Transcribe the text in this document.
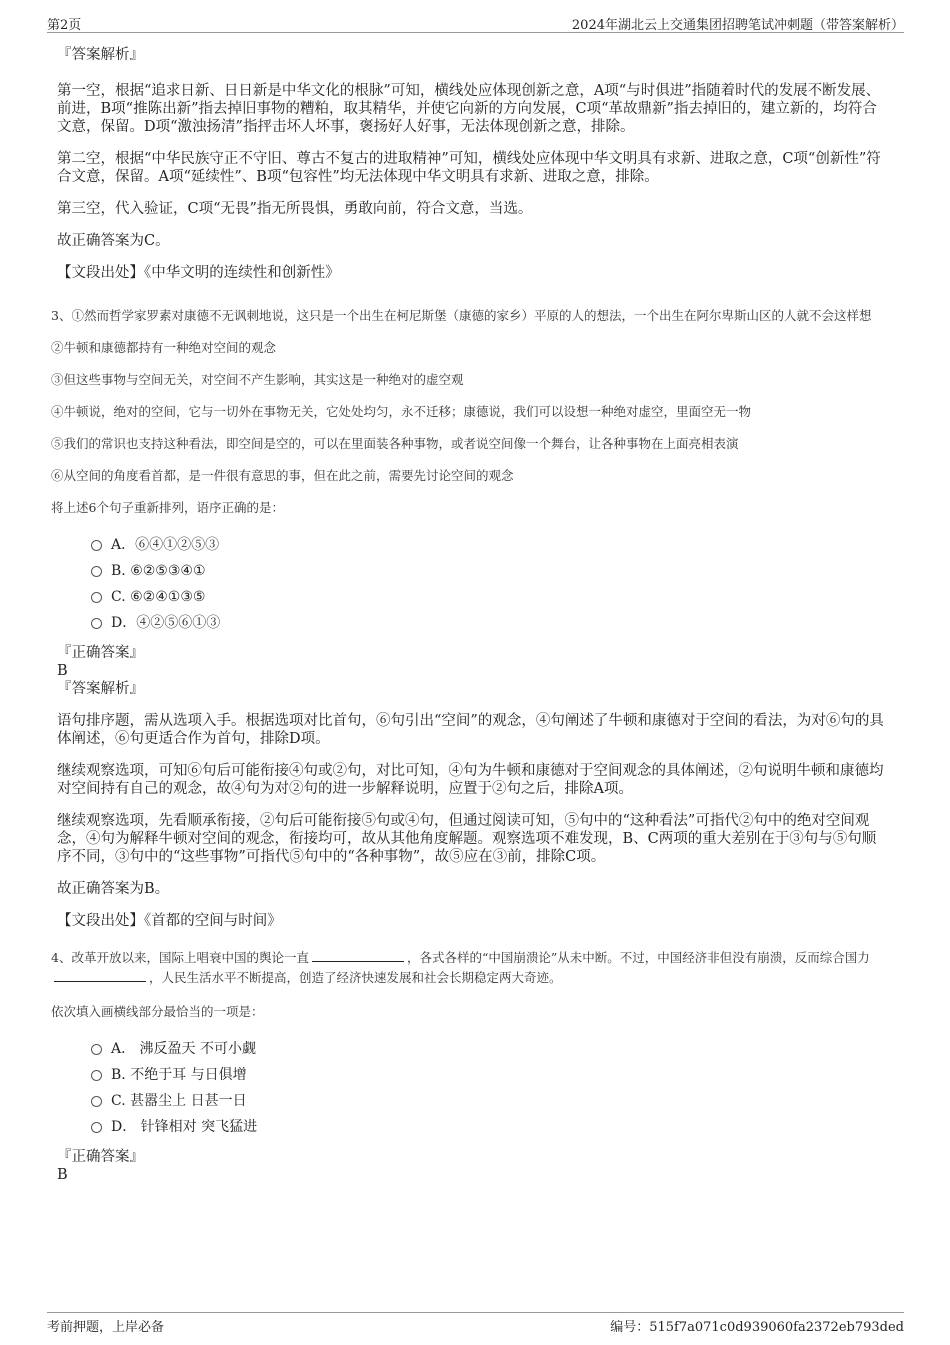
第2页	2024年湖北云上交通集团招聘笔试冲刺题（带答案解析）

『答案解析』

第一空，根据“追求日新、日日新是中华文化的根脉”可知，横线处应体现创新之意，A项“与时俱进”指随着时代的发展不断发展、前进，B项“推陈出新”指去掉旧事物的糟粕，取其精华，并使它向新的方向发展，C项“革故鼎新”指去掉旧的，建立新的，均符合文意，保留。D项“激浊扬清”指抨击坏人坏事，褒扬好人好事，无法体现创新之意，排除。

第二空，根据“中华民族守正不守旧、尊古不复古的进取精神”可知，横线处应体现中华文明具有求新、进取之意，C项“创新性”符合文意，保留。A项“延续性”、B项“包容性”均无法体现中华文明具有求新、进取之意，排除。

第三空，代入验证，C项“无畏”指无所畏惧，勇敢向前，符合文意，当选。

故正确答案为C。

【文段出处】《中华文明的连续性和创新性》

3、①然而哲学家罗素对康德不无讽刺地说，这只是一个出生在柯尼斯堡（康德的家乡）平原的人的想法，一个出生在阿尔卑斯山区的人就不会这样想

②牛顿和康德都持有一种绝对空间的观念

③但这些事物与空间无关，对空间不产生影响，其实这是一种绝对的虚空观

④牛顿说，绝对的空间，它与一切外在事物无关，它处处均匀，永不迁移；康德说，我们可以设想一种绝对虚空，里面空无一物

⑤我们的常识也支持这种看法，即空间是空的，可以在里面装各种事物，或者说空间像一个舞台，让各种事物在上面亮相表演

⑥从空间的角度看首都，是一件很有意思的事，但在此之前，需要先讨论空间的观念

将上述6个句子重新排列，语序正确的是：

A．⑥④①②⑤③
B. ⑥②⑤③④①
C. ⑥②④①③⑤
D．④②⑤⑥①③

『正确答案』

B

『答案解析』

语句排序题，需从选项入手。根据选项对比首句，⑥句引出“空间”的观念，④句阐述了牛顿和康德对于空间的看法，为对⑥句的具体阐述，⑥句更适合作为首句，排除D项。

继续观察选项，可知⑥句后可能衔接④句或②句，对比可知，④句为牛顿和康德对于空间观念的具体阐述，②句说明牛顿和康德均对空间持有自己的观念，故④句为对②句的进一步解释说明，应置于②句之后，排除A项。

继续观察选项，先看顺承衔接，②句后可能衔接⑤句或④句，但通过阅读可知，⑤句中的“这种看法”可指代②句中的绝对空间观念，④句为解释牛顿对空间的观念，衔接均可，故从其他角度解题。观察选项不难发现，B、C两项的重大差别在于③句与⑤句顺序不同，③句中的“这些事物”可指代⑤句中的“各种事物”，故⑤应在③前，排除C项。

故正确答案为B。

【文段出处】《首都的空间与时间》

4、改革开放以来，国际上唱衰中国的舆论一直	，各式各样的“中国崩溃论”从未中断。不过，中国经济非但没有崩溃，反而综合国力，人民生活水平不断提高，创造了经济快速发展和社会长期稳定两大奇迹。

依次填入画横线部分最恰当的一项是：

A． 沸反盈天 不可小觑
B. 不绝于耳 与日俱增
C. 甚嚣尘上 日甚一日
D． 针锋相对 突飞猛进

『正确答案』

B

考前押题，上岸必备	编号：515f7a071c0d939060fa2372eb793ded
